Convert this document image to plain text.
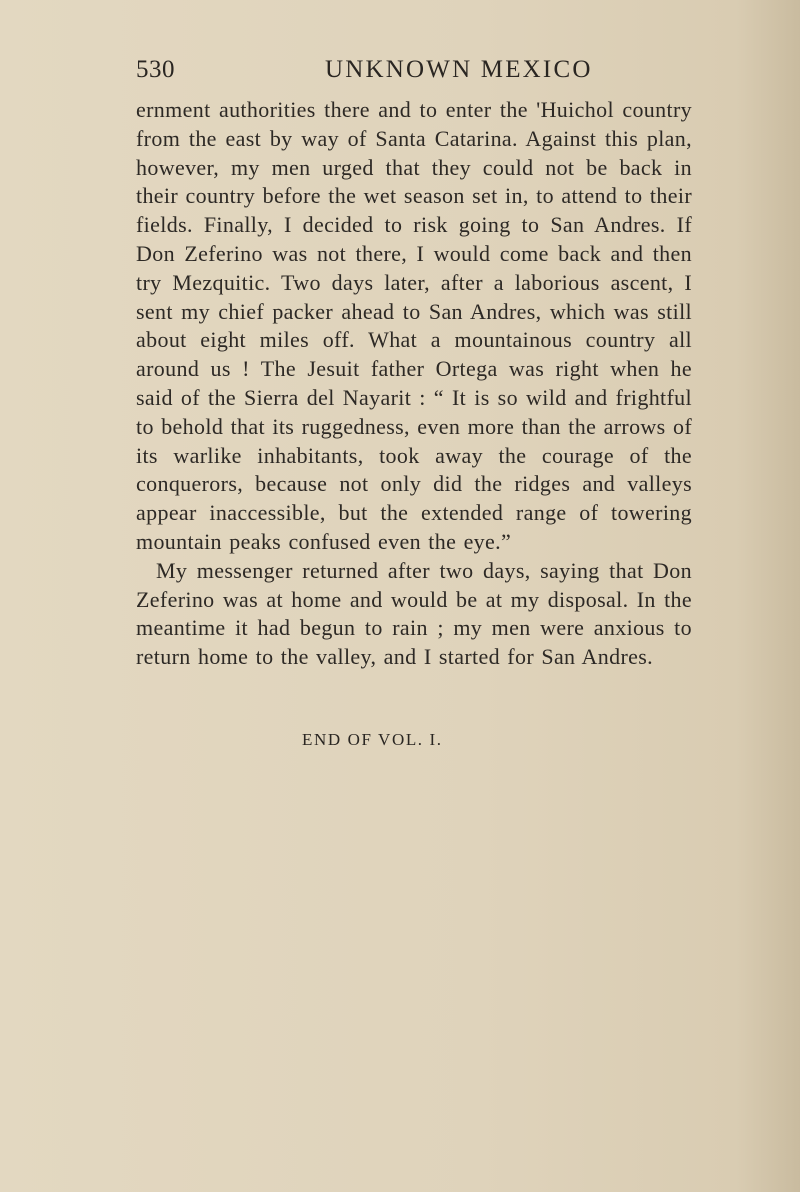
530	UNKNOWN MEXICO

ernment authorities there and to enter the 'Huichol country from the east by way of Santa Catarina. Against this plan, however, my men urged that they could not be back in their country before the wet season set in, to attend to their fields. Finally, I decided to risk going to San Andres. If Don Zeferino was not there, I would come back and then try Mezquitic. Two days later, after a laborious ascent, I sent my chief packer ahead to San Andres, which was still about eight miles off. What a mountainous country all around us ! The Jesuit father Ortega was right when he said of the Sierra del Nayarit : “ It is so wild and frightful to behold that its ruggedness, even more than the arrows of its warlike inhabitants, took away the courage of the conquerors, because not only did the ridges and valleys appear inaccessible, but the extended range of towering mountain peaks confused even the eye.”

My messenger returned after two days, saying that Don Zeferino was at home and would be at my disposal. In the meantime it had begun to rain ; my men were anxious to return home to the valley, and I started for San Andres.

END OF VOL. I.
